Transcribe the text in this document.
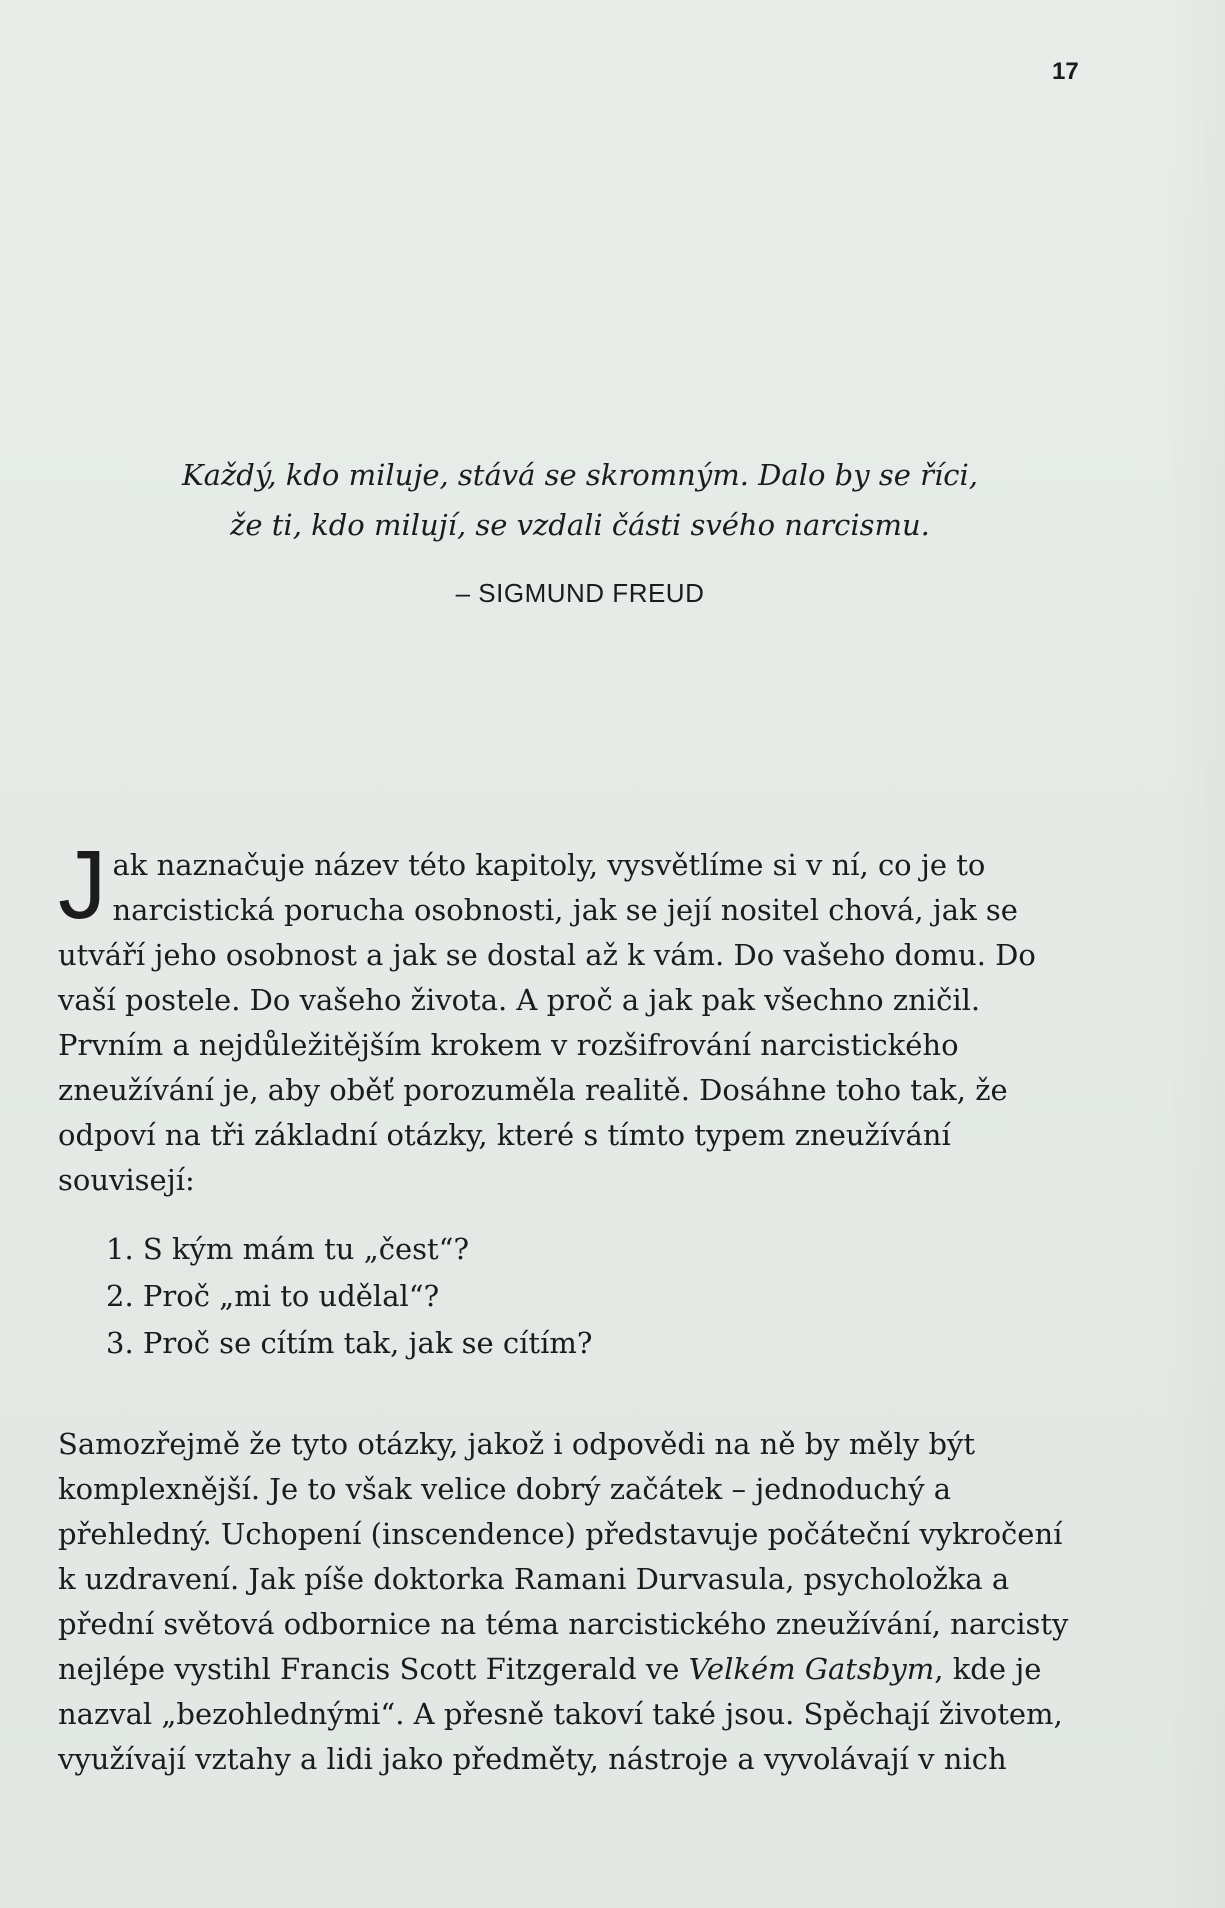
17
Každý, kdo miluje, stává se skromným. Dalo by se říci,
že ti, kdo milují, se vzdali části svého narcismu.
– SIGMUND FREUD
Jak naznačuje název této kapitoly, vysvětlíme si v ní, co je to narcistická porucha osobnosti, jak se její nositel chová, jak se utváří jeho osobnost a jak se dostal až k vám. Do vašeho domu. Do vaší postele. Do vašeho života. A proč a jak pak všechno zničil. Prvním a nejdůležitějším krokem v rozšifrování narcistického zneužívání je, aby oběť porozuměla realitě. Dosáhne toho tak, že odpoví na tři základní otázky, které s tímto typem zneužívání souvisejí:
1. S kým mám tu „čest“?
2. Proč „mi to udělal“?
3. Proč se cítím tak, jak se cítím?
Samozřejmě že tyto otázky, jakož i odpovědi na ně by měly být komplexnější. Je to však velice dobrý začátek – jednoduchý a přehledný. Uchopení (inscendence) představuje počáteční vykročení k uzdravení. Jak píše doktorka Ramani Durvasula, psycholožka a přední světová odbornice na téma narcistického zneužívání, narcisty nejlépe vystihl Francis Scott Fitzgerald ve Velkém Gatsbym, kde je nazval „bezohlednými“. A přesně takoví také jsou. Spěchají životem, využívají vztahy a lidi jako předměty, nástroje a vyvolávají v nich
